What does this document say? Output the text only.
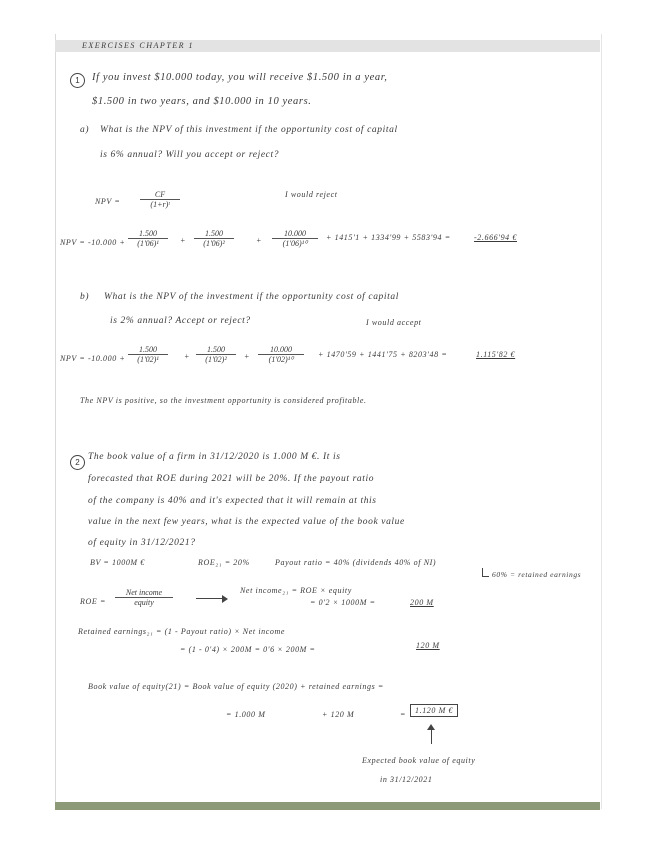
EXERCISES CHAPTER 1
1	If you invest $10.000 today, you will receive $1.500 in a year,
$1.500 in two years, and $10.000 in 10 years.
a) What is the NPV of this investment if the opportunity cost of capital
is 6% annual? Will you accept or reject?
NPV = $\frac{CF}{\text{(1+r)ᵗ}}$	I would reject
NPV = $-10.000 + \frac{1.500}{\text{(1'06)¹}} + \frac{1.500}{\text{(1'06)²}}$	+ $\frac{10.000}{\text{(1'06)¹⁰}} + 1415'1 + 1334'99 + 5583'94$ =	-2.666'94 €
b) What is the NPV of the investment if the opportunity cost of capital
is 2% annual? Accept or reject?	I would accept
NPV = $-10.000 + \frac{1.500}{\text{(1'02)¹}} + \frac{1.500}{\text{(1'02)²}} + \frac{10.000}{\text{(1'02)¹⁰}} + 1470'59 + 1441'75 + 8203'48$ =	1.115'82 €
The NPV is positive, so the investment opportunity is considered profitable.
2
The book value of a firm in 31/12/2020 is 1.000 M €. It is
forecasted that ROE during 2021 will be 20%. If the payout ratio
of the company is 40% and it's expected that it will remain at this
value in the next few years, what is the expected value of the book value
of equity in 31/12/2021?
BV = 1000M €	ROE₂₁ = 20%	Payout ratio = 40% (dividends 40% of NI)
60% = retained earnings
ROE =
Net income
equity
Net income₂₁ = ROE × equity
= 0'2 × 1000M =	200 M
Retained earnings₂₁ = (1 - Payout ratio) × Net income
= (1 - 0'4) × 200M = 0'6 × 200M =	120 M
Book value of equity(21) = Book value of equity (2020) + retained earnings =
= 1.000 M	+ 120 M	=	1.120 M €
Expected book value of equity
in 31/12/2021
